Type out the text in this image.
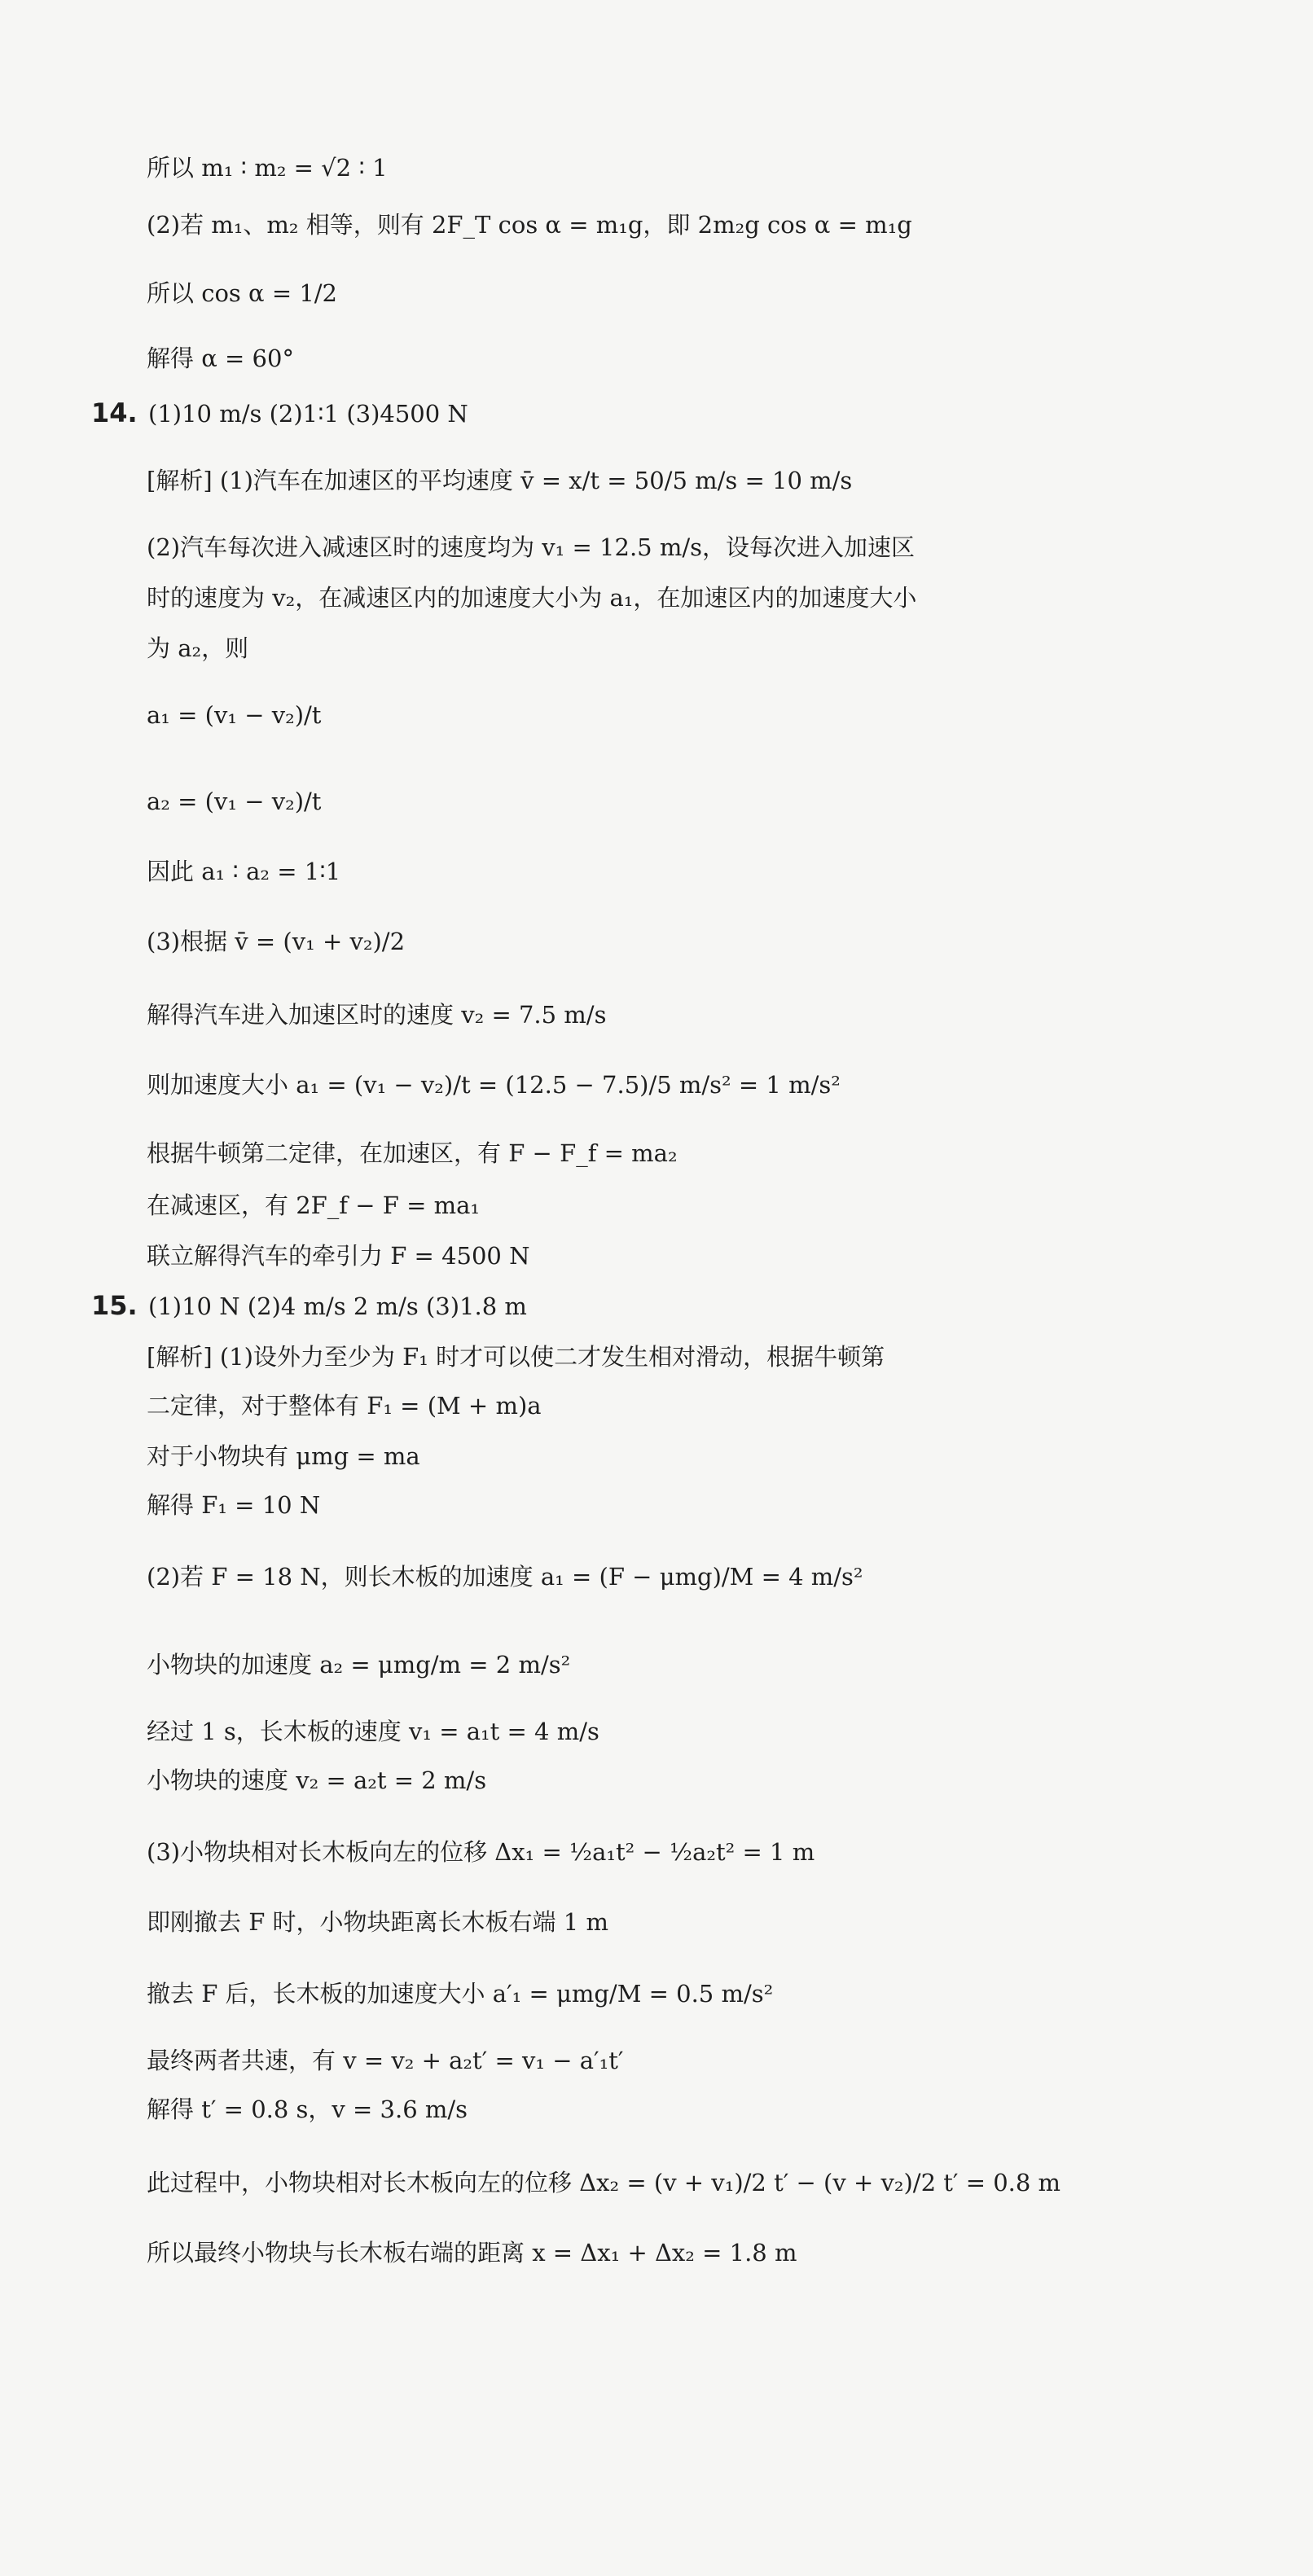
所以 m₁ ∶ m₂ = √2 ∶ 1
(2)若 m₁、m₂ 相等，则有 2F_T cos α = m₁g，即 2m₂g cos α = m₁g
所以 cos α = 1/2
解得 α = 60°
14. (1)10 m/s (2)1∶1 (3)4500 N
[解析] (1)汽车在加速区的平均速度 v̄ = x/t = 50/5 m/s = 10 m/s
(2)汽车每次进入减速区时的速度均为 v₁ = 12.5 m/s，设每次进入加速区
时的速度为 v₂，在减速区内的加速度大小为 a₁，在加速区内的加速度大小
为 a₂，则
a₁ = (v₁ − v₂)/t
a₂ = (v₁ − v₂)/t
因此 a₁ ∶ a₂ = 1∶1
(3)根据 v̄ = (v₁ + v₂)/2
解得汽车进入加速区时的速度 v₂ = 7.5 m/s
则加速度大小 a₁ = (v₁ − v₂)/t = (12.5 − 7.5)/5 m/s² = 1 m/s²
根据牛顿第二定律，在加速区，有 F − F_f = ma₂
在减速区，有 2F_f − F = ma₁
联立解得汽车的牵引力 F = 4500 N
15. (1)10 N (2)4 m/s 2 m/s (3)1.8 m
[解析] (1)设外力至少为 F₁ 时才可以使二才发生相对滑动，根据牛顿第
二定律，对于整体有 F₁ = (M + m)a
对于小物块有 μmg = ma
解得 F₁ = 10 N
(2)若 F = 18 N，则长木板的加速度 a₁ = (F − μmg)/M = 4 m/s²
小物块的加速度 a₂ = μmg/m = 2 m/s²
经过 1 s，长木板的速度 v₁ = a₁t = 4 m/s
小物块的速度 v₂ = a₂t = 2 m/s
(3)小物块相对长木板向左的位移 Δx₁ = ½a₁t² − ½a₂t² = 1 m
即刚撤去 F 时，小物块距离长木板右端 1 m
撤去 F 后，长木板的加速度大小 a′₁ = μmg/M = 0.5 m/s²
最终两者共速，有 v = v₂ + a₂t′ = v₁ − a′₁t′
解得 t′ = 0.8 s，v = 3.6 m/s
此过程中，小物块相对长木板向左的位移 Δx₂ = (v + v₁)/2 t′ − (v + v₂)/2 t′ = 0.8 m
所以最终小物块与长木板右端的距离 x = Δx₁ + Δx₂ = 1.8 m
